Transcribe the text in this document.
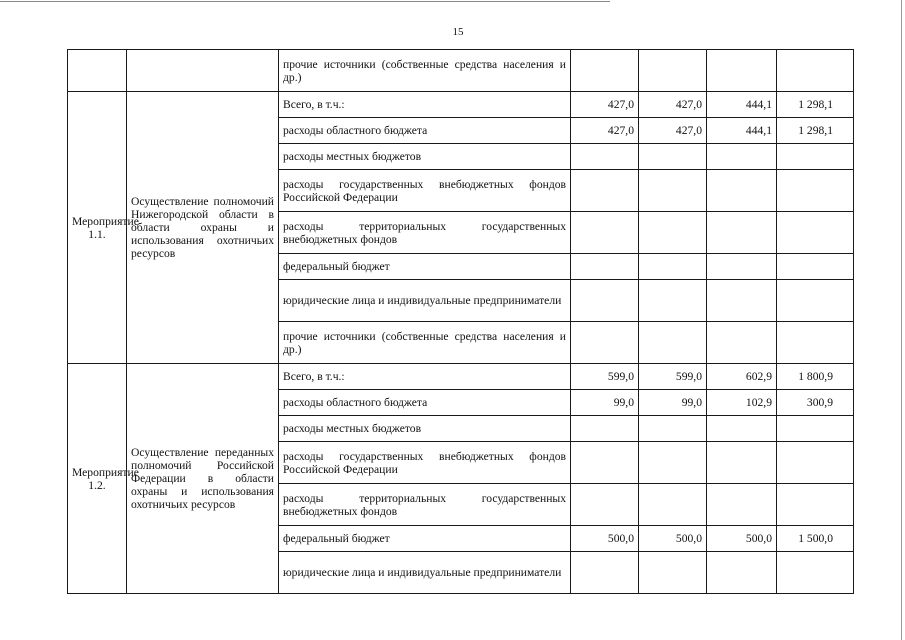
15
		прочие источники (собственные средства населения и др.)				
Мероприятие 1.1.	Осуществление полномочий Нижегородской области в области охраны и использования охотничьих ресурсов	Всего, в т.ч.:	427,0	427,0	444,1	1 298,1
		расходы областного бюджета	427,0	427,0	444,1	1 298,1
		расходы местных бюджетов				
		расходы государственных внебюджетных фондов Российской Федерации				
		расходы территориальных государственных внебюджетных фондов				
		федеральный бюджет				
		юридические лица и индивидуальные предприниматели				
		прочие источники (собственные средства населения и др.)				
Мероприятие 1.2.	Осуществление переданных полномочий Российской Федерации в области охраны и использования охотничьих ресурсов	Всего, в т.ч.:	599,0	599,0	602,9	1 800,9
		расходы областного бюджета	99,0	99,0	102,9	300,9
		расходы местных бюджетов				
		расходы государственных внебюджетных фондов Российской Федерации				
		расходы территориальных государственных внебюджетных фондов				
		федеральный бюджет	500,0	500,0	500,0	1 500,0
		юридические лица и индивидуальные предприниматели				
